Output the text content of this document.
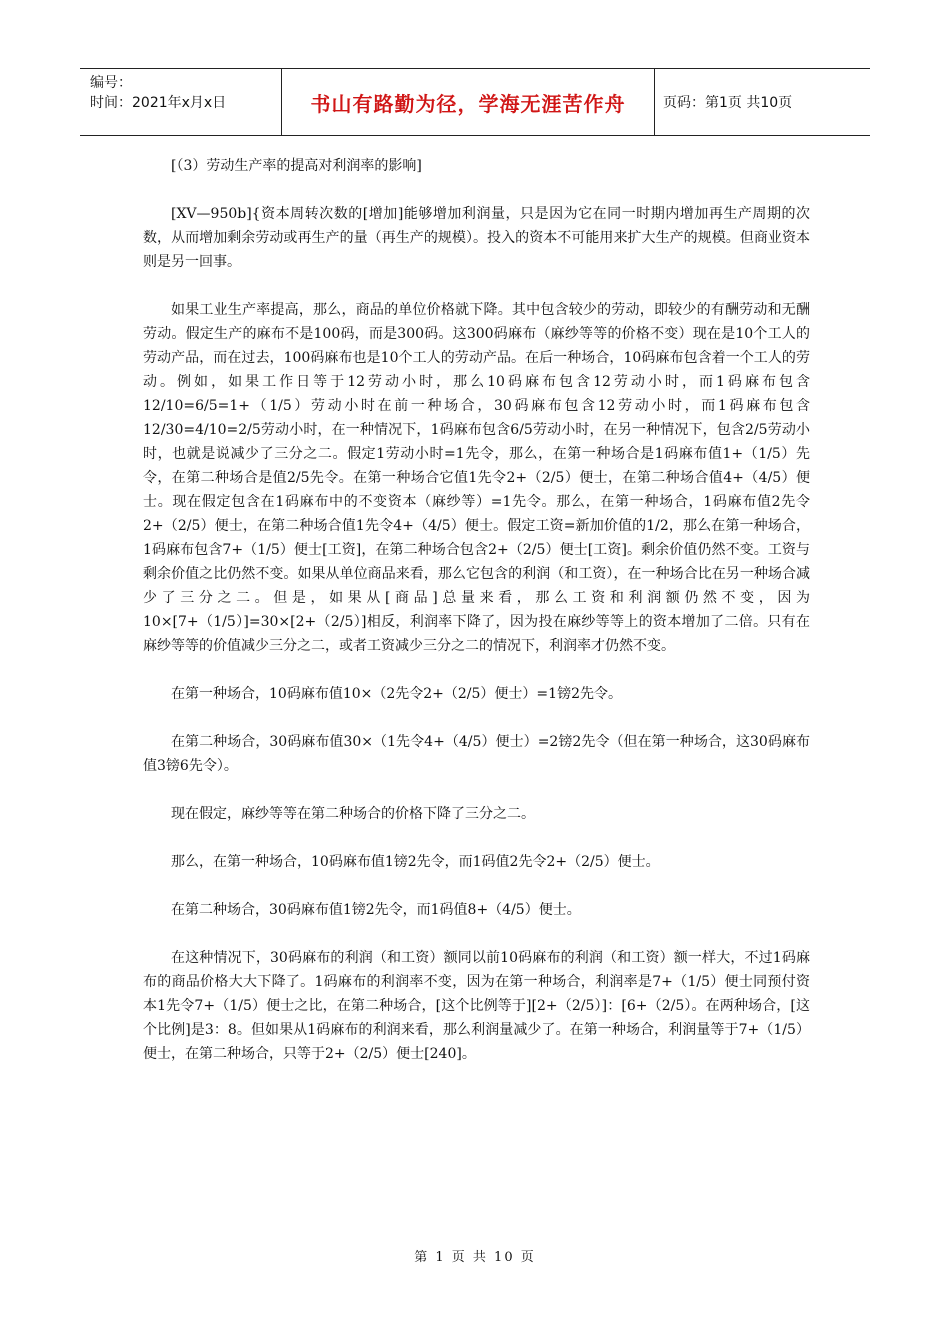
编号：
时间：2021年x月x日	书山有路勤为径，学海无涯苦作舟	页码：第1页 共10页

[（3）劳动生产率的提高对利润率的影响]

[XV—950b]{资本周转次数的[增加]能够增加利润量，只是因为它在同一时期内增加再生产周期的次数，从而增加剩余劳动或再生产的量（再生产的规模）。投入的资本不可能用来扩大生产的规模。但商业资本则是另一回事。

如果工业生产率提高，那么，商品的单位价格就下降。其中包含较少的劳动，即较少的有酬劳动和无酬劳动。假定生产的麻布不是100码，而是300码。这300码麻布（麻纱等等的价格不变）现在是10个工人的劳动产品，而在过去，100码麻布也是10个工人的劳动产品。在后一种场合，10码麻布包含着一个工人的劳动。例如，如果工作日等于12劳动小时，那么10码麻布包含12劳动小时，而1码麻布包含12/10=6/5=1+（1/5）劳动小时在前一种场合，30码麻布包含12劳动小时，而1码麻布包含12/30=4/10=2/5劳动小时，在一种情况下，1码麻布包含6/5劳动小时，在另一种情况下，包含2/5劳动小时，也就是说减少了三分之二。假定1劳动小时=1先令，那么，在第一种场合是1码麻布值1+（1/5）先令，在第二种场合是值2/5先令。在第一种场合它值1先令2+（2/5）便士，在第二种场合值4+（4/5）便士。现在假定包含在1码麻布中的不变资本（麻纱等）=1先令。那么，在第一种场合，1码麻布值2先令2+（2/5）便士，在第二种场合值1先令4+（4/5）便士。假定工资=新加价值的1/2，那么在第一种场合，1码麻布包含7+（1/5）便士[工资]，在第二种场合包含2+（2/5）便士[工资]。剩余价值仍然不变。工资与剩余价值之比仍然不变。如果从单位商品来看，那么它包含的利润（和工资），在一种场合比在另一种场合减少了三分之二。但是，如果从[商品]总量来看，那么工资和利润额仍然不变，因为10×[7+（1/5）]=30×[2+（2/5）]相反，利润率下降了，因为投在麻纱等等上的资本增加了二倍。只有在麻纱等等的价值减少三分之二，或者工资减少三分之二的情况下，利润率才仍然不变。

在第一种场合，10码麻布值10×（2先令2+（2/5）便士）=1镑2先令。

在第二种场合，30码麻布值30×（1先令4+（4/5）便士）=2镑2先令（但在第一种场合，这30码麻布值3镑6先令）。

现在假定，麻纱等等在第二种场合的价格下降了三分之二。

那么，在第一种场合，10码麻布值1镑2先令，而1码值2先令2+（2/5）便士。

在第二种场合，30码麻布值1镑2先令，而1码值8+（4/5）便士。

在这种情况下，30码麻布的利润（和工资）额同以前10码麻布的利润（和工资）额一样大，不过1码麻布的商品价格大大下降了。1码麻布的利润率不变，因为在第一种场合，利润率是7+（1/5）便士同预付资本1先令7+（1/5）便士之比，在第二种场合，[这个比例等于][2+（2/5）]：[6+（2/5）。在两种场合，[这个比例]是3：8。但如果从1码麻布的利润来看，那么利润量减少了。在第一种场合，利润量等于7+（1/5）便士，在第二种场合，只等于2+（2/5）便士[240]。

第 1 页 共 10 页
